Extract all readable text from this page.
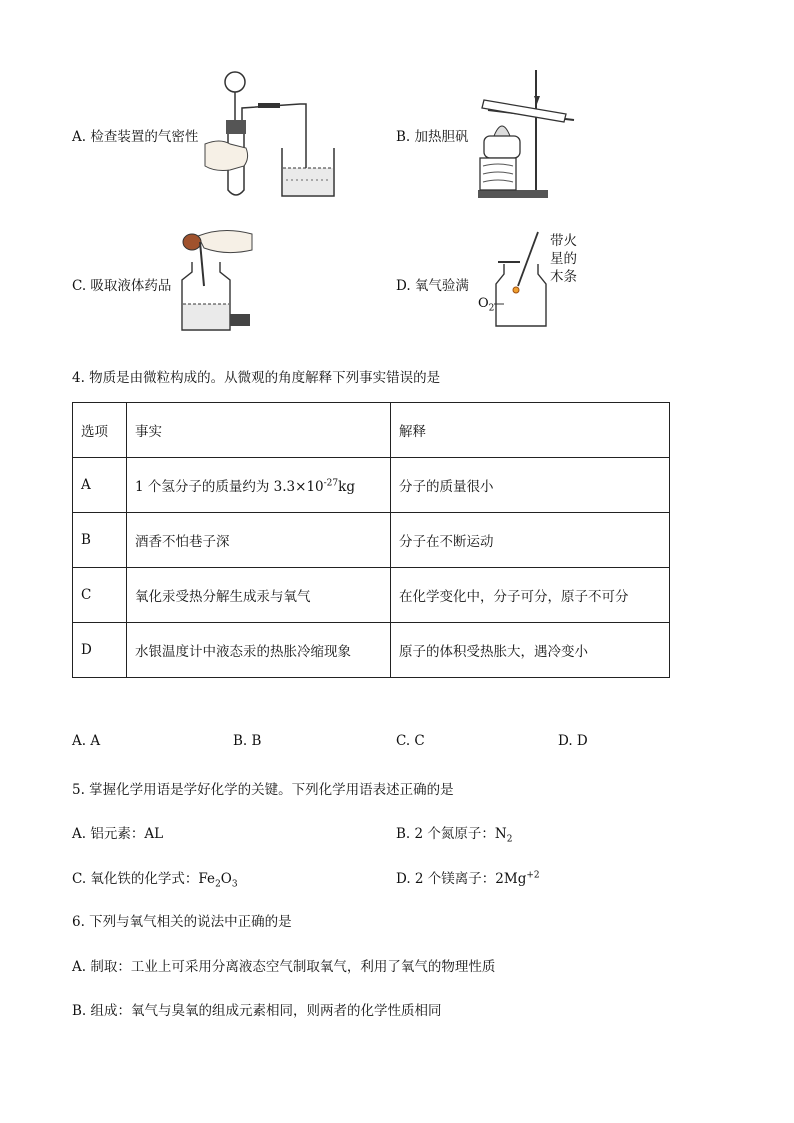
A. 检查装置的气密性	B. 加热胆矾
C. 吸取液体药品	D. 氧气验满
带火
星的
木条
$O_2$
4. 物质是由微粒构成的。从微观的角度解释下列事实错误的是
选项	事实	解释
A	1 个氢分子的质量约为 $3.3\times 10^{-27}kg$	分子的质量很小
B	酒香不怕巷子深	分子在不断运动
C	氧化汞受热分解生成汞与氧气	在化学变化中，分子可分，原子不可分
D	水银温度计中液态汞的热胀冷缩现象	原子的体积受热胀大，遇冷变小
A. A	B. B	C. C	D. D
5. 掌握化学用语是学好化学的关键。下列化学用语表述正确的是
A. 铝元素：AL	B. 2 个氮原子：$N_2$
C. 氧化铁的化学式：$Fe_2O_3$	D. 2 个镁离子：$2Mg^{+2}$
6. 下列与氧气相关的说法中正确的是
A. 制取：工业上可采用分离液态空气制取氧气，利用了氧气的物理性质
B. 组成：氧气与臭氧的组成元素相同，则两者的化学性质相同
